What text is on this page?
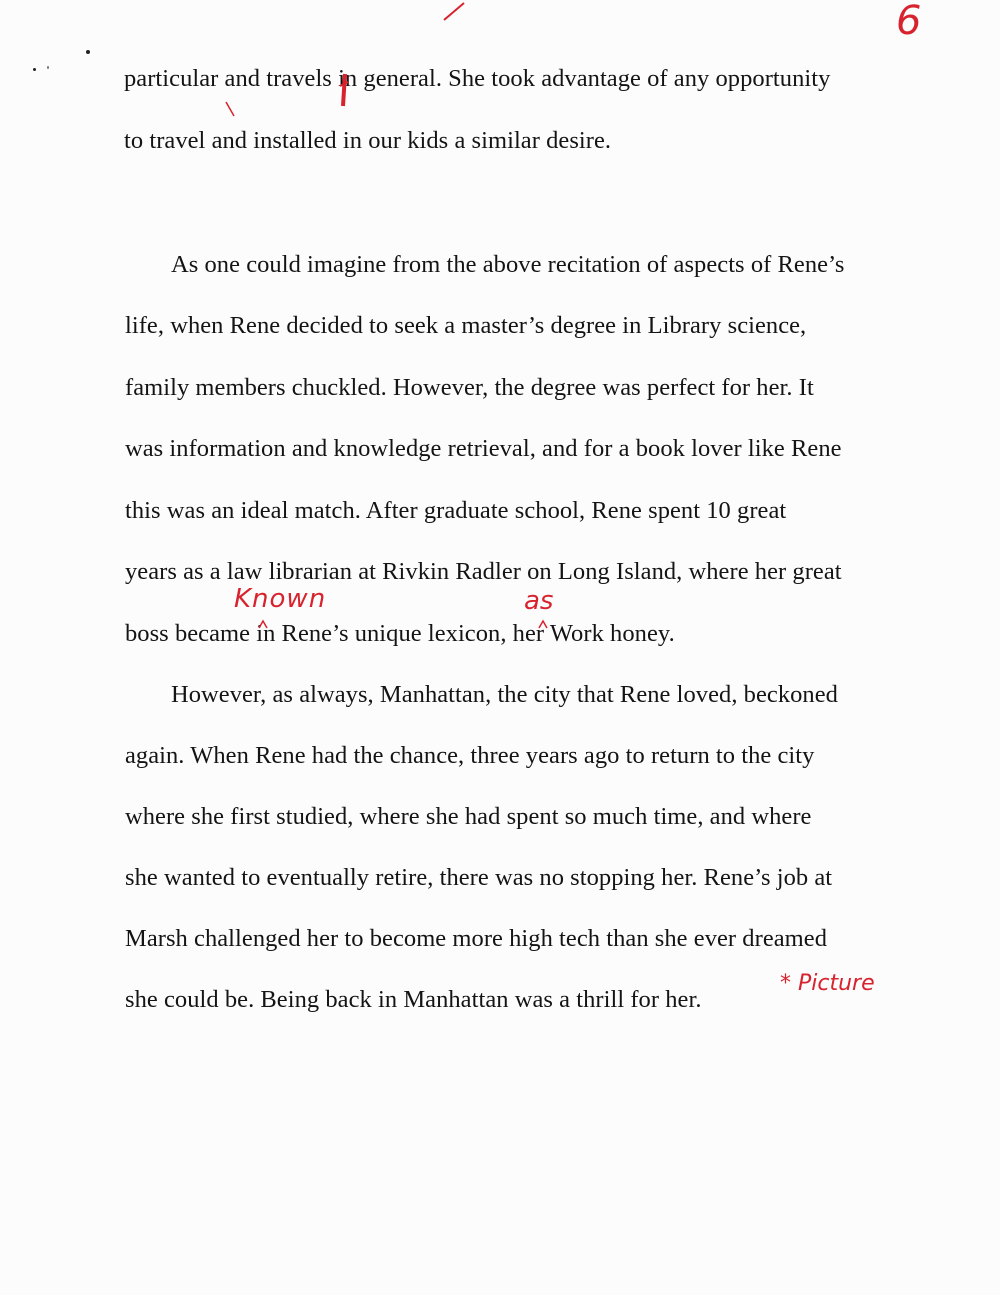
6
particular and travels in general. She took advantage of any opportunity
to travel and installed in our kids a similar desire.
As one could imagine from the above recitation of aspects of Rene’s
life, when Rene decided to seek a master’s degree in Library science,
family members chuckled. However, the degree was perfect for her. It
was information and knowledge retrieval, and for a book lover like Rene
this was an ideal match. After graduate school, Rene spent 10 great
years as a law librarian at Rivkin Radler on Long Island, where her great
boss became in Rene’s unique lexicon, her Work honey.
However, as always, Manhattan, the city that Rene loved, beckoned
again. When Rene had the chance, three years ago to return to the city
where she first studied, where she had spent so much time, and where
she wanted to eventually retire, there was no stopping her. Rene’s job at
Marsh challenged her to become more high tech than she ever dreamed
she could be. Being back in Manhattan was a thrill for her.
Known	as
* Picture
